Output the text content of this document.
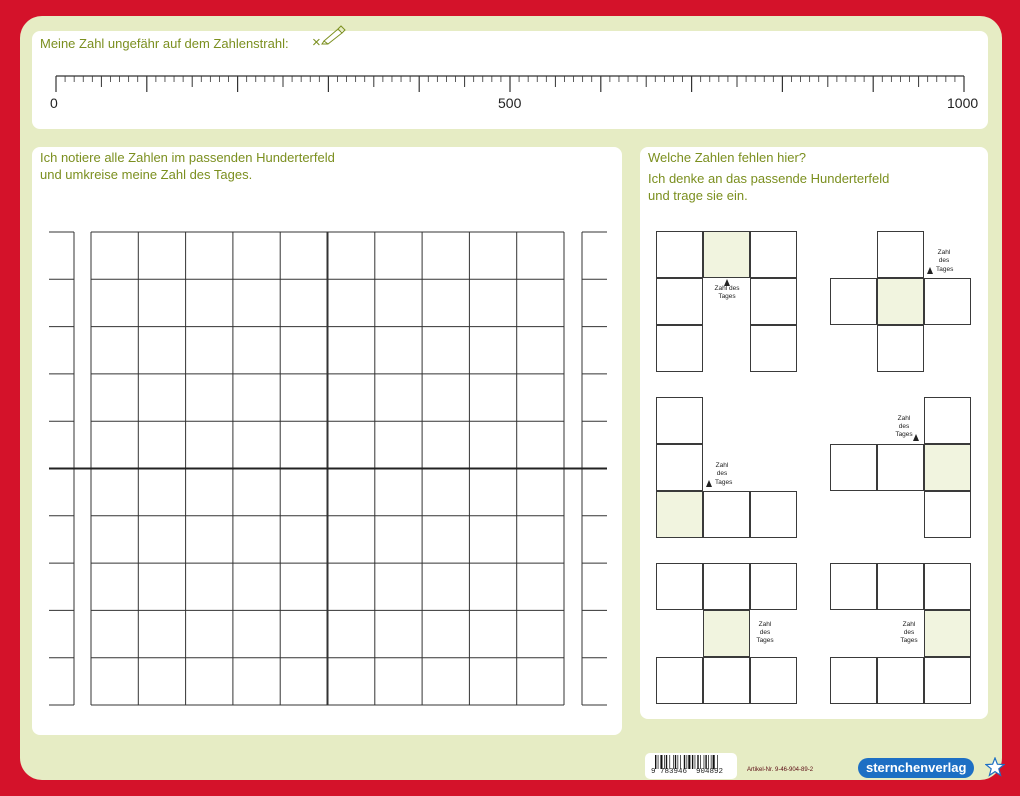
Meine Zahl ungefähr auf dem Zahlenstrahl: ×
0	500	1000
Ich notiere alle Zahlen im passenden Hunderterfeld
und umkreise meine Zahl des Tages.
Welche Zahlen fehlen hier?
Ich denke an das passende Hunderterfeld
und trage sie ein.
Zahl des
Tages
Zahl
des
Tages
Zahl
des
Tages
Zahl
des
Tages
Zahl
des
Tages
Zahl
des
Tages
9 783946 904892	Artikel-Nr. 9-46-904-89-2	sternchenverlag
